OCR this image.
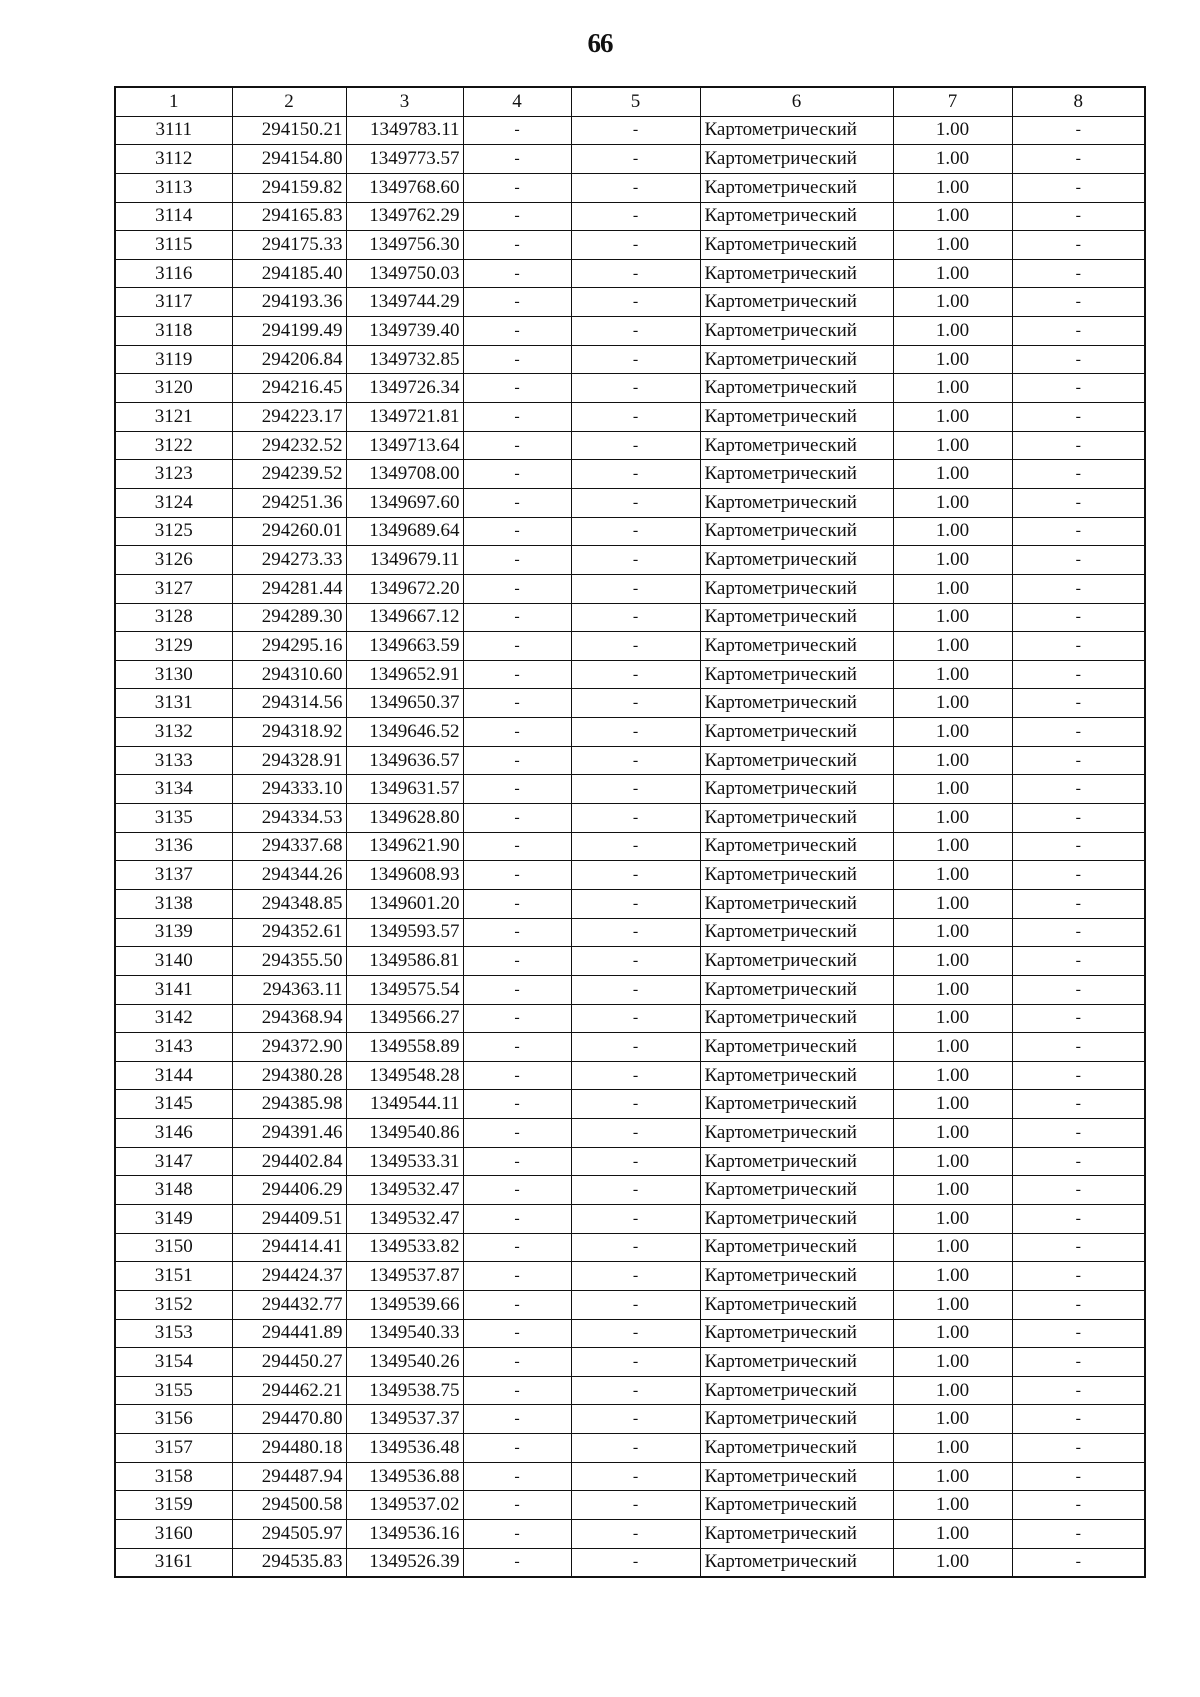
66
1	2	3	4	5	6	7	8
3111	294150.21	1349783.11	-	-	Картометрический	1.00	-
3112	294154.80	1349773.57	-	-	Картометрический	1.00	-
3113	294159.82	1349768.60	-	-	Картометрический	1.00	-
3114	294165.83	1349762.29	-	-	Картометрический	1.00	-
3115	294175.33	1349756.30	-	-	Картометрический	1.00	-
3116	294185.40	1349750.03	-	-	Картометрический	1.00	-
3117	294193.36	1349744.29	-	-	Картометрический	1.00	-
3118	294199.49	1349739.40	-	-	Картометрический	1.00	-
3119	294206.84	1349732.85	-	-	Картометрический	1.00	-
3120	294216.45	1349726.34	-	-	Картометрический	1.00	-
3121	294223.17	1349721.81	-	-	Картометрический	1.00	-
3122	294232.52	1349713.64	-	-	Картометрический	1.00	-
3123	294239.52	1349708.00	-	-	Картометрический	1.00	-
3124	294251.36	1349697.60	-	-	Картометрический	1.00	-
3125	294260.01	1349689.64	-	-	Картометрический	1.00	-
3126	294273.33	1349679.11	-	-	Картометрический	1.00	-
3127	294281.44	1349672.20	-	-	Картометрический	1.00	-
3128	294289.30	1349667.12	-	-	Картометрический	1.00	-
3129	294295.16	1349663.59	-	-	Картометрический	1.00	-
3130	294310.60	1349652.91	-	-	Картометрический	1.00	-
3131	294314.56	1349650.37	-	-	Картометрический	1.00	-
3132	294318.92	1349646.52	-	-	Картометрический	1.00	-
3133	294328.91	1349636.57	-	-	Картометрический	1.00	-
3134	294333.10	1349631.57	-	-	Картометрический	1.00	-
3135	294334.53	1349628.80	-	-	Картометрический	1.00	-
3136	294337.68	1349621.90	-	-	Картометрический	1.00	-
3137	294344.26	1349608.93	-	-	Картометрический	1.00	-
3138	294348.85	1349601.20	-	-	Картометрический	1.00	-
3139	294352.61	1349593.57	-	-	Картометрический	1.00	-
3140	294355.50	1349586.81	-	-	Картометрический	1.00	-
3141	294363.11	1349575.54	-	-	Картометрический	1.00	-
3142	294368.94	1349566.27	-	-	Картометрический	1.00	-
3143	294372.90	1349558.89	-	-	Картометрический	1.00	-
3144	294380.28	1349548.28	-	-	Картометрический	1.00	-
3145	294385.98	1349544.11	-	-	Картометрический	1.00	-
3146	294391.46	1349540.86	-	-	Картометрический	1.00	-
3147	294402.84	1349533.31	-	-	Картометрический	1.00	-
3148	294406.29	1349532.47	-	-	Картометрический	1.00	-
3149	294409.51	1349532.47	-	-	Картометрический	1.00	-
3150	294414.41	1349533.82	-	-	Картометрический	1.00	-
3151	294424.37	1349537.87	-	-	Картометрический	1.00	-
3152	294432.77	1349539.66	-	-	Картометрический	1.00	-
3153	294441.89	1349540.33	-	-	Картометрический	1.00	-
3154	294450.27	1349540.26	-	-	Картометрический	1.00	-
3155	294462.21	1349538.75	-	-	Картометрический	1.00	-
3156	294470.80	1349537.37	-	-	Картометрический	1.00	-
3157	294480.18	1349536.48	-	-	Картометрический	1.00	-
3158	294487.94	1349536.88	-	-	Картометрический	1.00	-
3159	294500.58	1349537.02	-	-	Картометрический	1.00	-
3160	294505.97	1349536.16	-	-	Картометрический	1.00	-
3161	294535.83	1349526.39	-	-	Картометрический	1.00	-
